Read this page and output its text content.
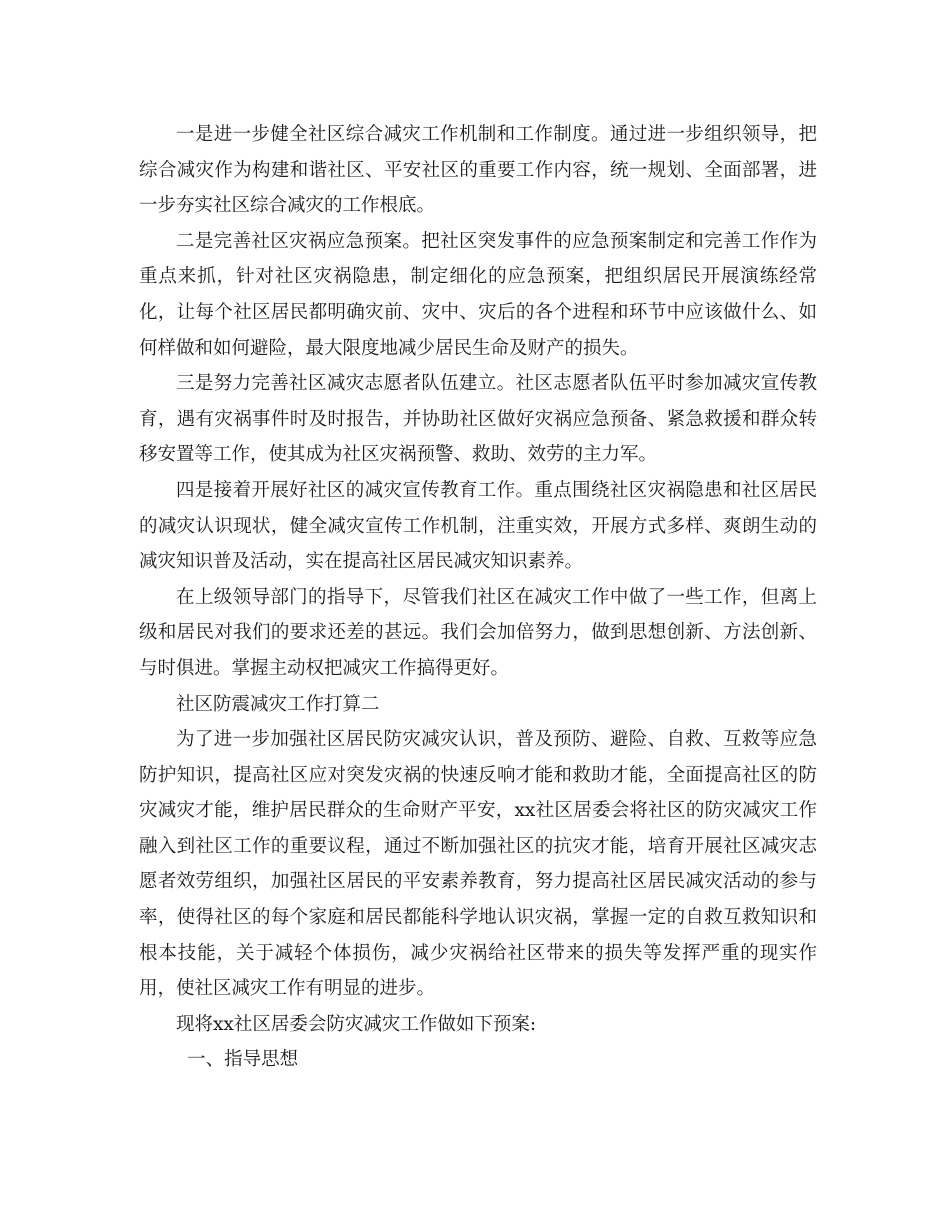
一是进一步健全社区综合减灾工作机制和工作制度。通过进一步组织领导，把综合减灾作为构建和谐社区、平安社区的重要工作内容，统一规划、全面部署，进一步夯实社区综合减灾的工作根底。

二是完善社区灾祸应急预案。把社区突发事件的应急预案制定和完善工作作为重点来抓，针对社区灾祸隐患，制定细化的应急预案，把组织居民开展演练经常化，让每个社区居民都明确灾前、灾中、灾后的各个进程和环节中应该做什么、如何样做和如何避险，最大限度地减少居民生命及财产的损失。

三是努力完善社区减灾志愿者队伍建立。社区志愿者队伍平时参加减灾宣传教育，遇有灾祸事件时及时报告，并协助社区做好灾祸应急预备、紧急救援和群众转移安置等工作，使其成为社区灾祸预警、救助、效劳的主力军。

四是接着开展好社区的减灾宣传教育工作。重点围绕社区灾祸隐患和社区居民的减灾认识现状，健全减灾宣传工作机制，注重实效，开展方式多样、爽朗生动的减灾知识普及活动，实在提高社区居民减灾知识素养。

在上级领导部门的指导下，尽管我们社区在减灾工作中做了一些工作，但离上级和居民对我们的要求还差的甚远。我们会加倍努力，做到思想创新、方法创新、与时俱进。掌握主动权把减灾工作搞得更好。

社区防震减灾工作打算二

为了进一步加强社区居民防灾减灾认识，普及预防、避险、自救、互救等应急防护知识，提高社区应对突发灾祸的快速反响才能和救助才能，全面提高社区的防灾减灾才能，维护居民群众的生命财产平安，xx社区居委会将社区的防灾减灾工作融入到社区工作的重要议程，通过不断加强社区的抗灾才能，培育开展社区减灾志愿者效劳组织，加强社区居民的平安素养教育，努力提高社区居民减灾活动的参与率，使得社区的每个家庭和居民都能科学地认识灾祸，掌握一定的自救互救知识和根本技能，关于减轻个体损伤，减少灾祸给社区带来的损失等发挥严重的现实作用，使社区减灾工作有明显的进步。

现将xx社区居委会防灾减灾工作做如下预案:

一、指导思想
